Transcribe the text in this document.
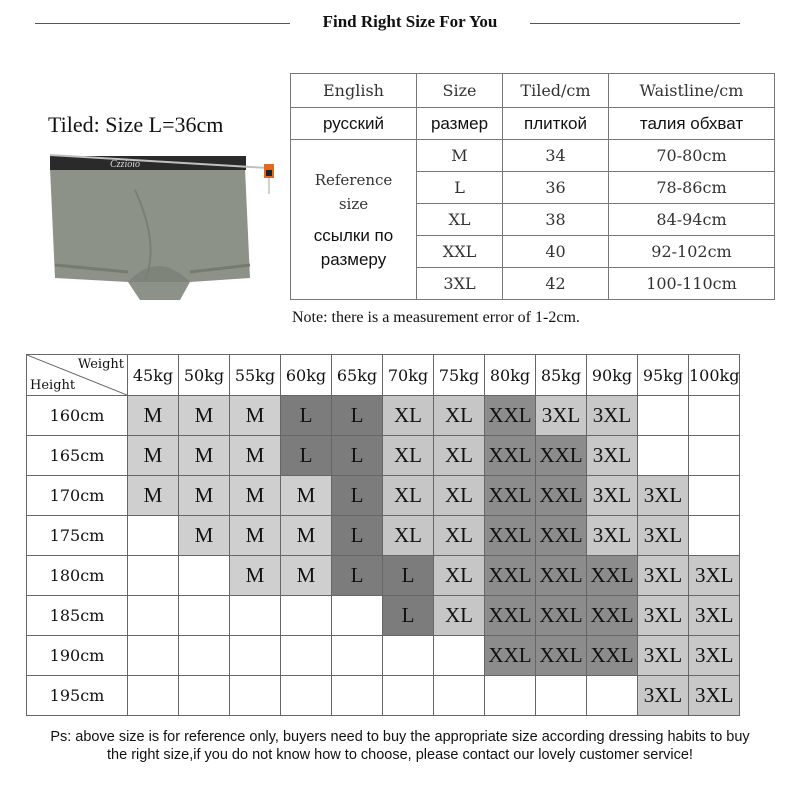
Find Right Size For You
Tiled: Size L=36cm
Czzioio
English	Size	Tiled/cm	Waistline/cm
русский	размер	плиткой	талия обхват

Reference size
ссылки по размеру	M	34	70-80cm
	L	36	78-86cm
	XL	38	84-94cm
	XXL	40	92-102cm
	3XL	42	100-110cm
Note: there is a measurement error of 1-2cm.
Weight
Height	45kg	50kg	55kg	60kg	65kg	70kg	75kg	80kg	85kg	90kg	95kg	100kg
160cm	M	M	M	L	L	XL	XL	XXL	3XL	3XL		
165cm	M	M	M	L	L	XL	XL	XXL	XXL	3XL		
170cm	M	M	M	M	L	XL	XL	XXL	XXL	3XL	3XL	
175cm		M	M	M	L	XL	XL	XXL	XXL	3XL	3XL	
180cm			M	M	L	L	XL	XXL	XXL	XXL	3XL	3XL
185cm						L	XL	XXL	XXL	XXL	3XL	3XL
190cm								XXL	XXL	XXL	3XL	3XL
195cm											3XL	3XL
Ps: above size is for reference only, buyers need to buy the appropriate size according dressing habits to buy
the right size,if you do not know how to choose, please contact our lovely customer service!
